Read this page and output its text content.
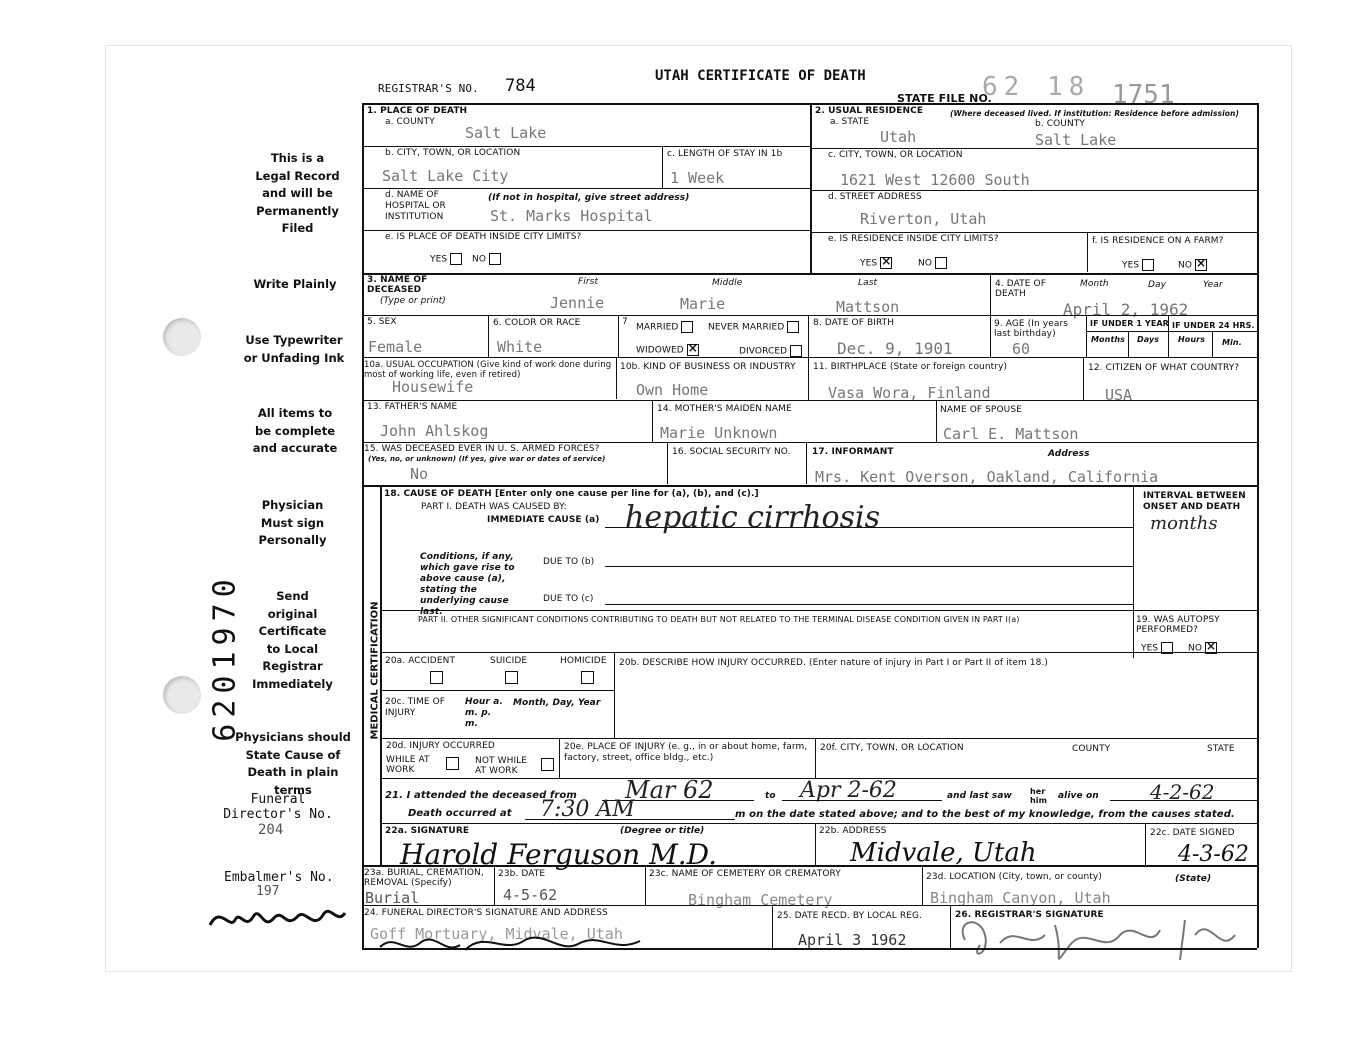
This is a Legal Record and will be Permanently Filed
Write Plainly
Use Typewriter or Unfading Ink
All items to be complete and accurate
Physician Must sign Personally
Send original Certificate to Local Registrar Immediately
Physicians should State Cause of Death in plain terms
6201970
Funeral Director's No.
204
Embalmer's No.
197
REGISTRAR'S NO. 784	UTAH CERTIFICATE OF DEATH
STATE FILE NO.
62 18 1751
1. PLACE OF DEATH
a. COUNTY
Salt Lake
b. CITY, TOWN, OR LOCATION	c. LENGTH OF STAY IN 1b
Salt Lake City	1 Week
d. NAME OF HOSPITAL OR INSTITUTION
(If not in hospital, give street address)
St. Marks Hospital
e. IS PLACE OF DEATH INSIDE CITY LIMITS?
YES	NO
2. USUAL RESIDENCE	(Where deceased lived. If institution: Residence before admission)
a. STATE	b. COUNTY
Utah	Salt Lake
c. CITY, TOWN, OR LOCATION
1621 West 12600 South
d. STREET ADDRESS
Riverton, Utah
e. IS RESIDENCE INSIDE CITY LIMITS?	f. IS RESIDENCE ON A FARM?
YES ×	NO	YES	NO×
3. NAME OF DECEASED
(Type or print)
First	Middle	Last
Jennie	Marie	Mattson
4. DATE OF DEATH
Month	Day	Year
April 2, 1962
5. SEX
Female
6. COLOR OR RACE
White
7
MARRIED	NEVER MARRIED
WIDOWED ×	DIVORCED
8. DATE OF BIRTH
Dec. 9, 1901
9. AGE (In years last birthday)
60
IF UNDER 1 YEAR IF UNDER 24 HRS.
Months Days Hours Min.
10a. USUAL OCCUPATION (Give kind of work done during most of working life, even if retired)
Housewife
10b. KIND OF BUSINESS OR INDUSTRY
Own Home
11. BIRTHPLACE (State or foreign country)
Vasa Wora, Finland
12. CITIZEN OF WHAT COUNTRY?
USA
13. FATHER'S NAME
John Ahlskog
14. MOTHER'S MAIDEN NAME
Marie Unknown
NAME OF SPOUSE
Carl E. Mattson
15. WAS DECEASED EVER IN U. S. ARMED FORCES?
(Yes, no, or unknown) (If yes, give war or dates of service)
No
16. SOCIAL SECURITY NO. 17. INFORMANT	Address
Mrs. Kent Overson, Oakland, California
MEDICAL CERTIFICATION
18. CAUSE OF DEATH [Enter only one cause per line for (a), (b), and (c).]	INTERVAL BETWEEN ONSET AND DEATH
months
PART I. DEATH WAS CAUSED BY:
IMMEDIATE CAUSE (a) hepatic cirrhosis
Conditions, if any, which gave rise to above cause (a), stating the underlying cause last.
DUE TO (b)
DUE TO (c)
PART II. OTHER SIGNIFICANT CONDITIONS CONTRIBUTING TO DEATH BUT NOT RELATED TO THE TERMINAL DISEASE CONDITION GIVEN IN PART I(a)	19. WAS AUTOPSY PERFORMED?
YES	NO×
20a. ACCIDENT	SUICIDE	HOMICIDE 20b. DESCRIBE HOW INJURY OCCURRED. (Enter nature of injury in Part I or Part II of item 18.)
20c. TIME OF INJURY
Hour a. m. p. m.
Month, Day, Year
20d. INJURY OCCURRED
WHILE AT WORK
NOT WHILE AT WORK
20e. PLACE OF INJURY (e. g., in or about home, farm, factory, street, office bldg., etc.)
20f. CITY, TOWN, OR LOCATION	COUNTY	STATE
21. I attended the deceased from Mar 62	to Apr 2-62	and last saw her him	alive on	4-2-62
Death occurred at 7:30 AM	m on the date stated above; and to the best of my knowledge, from the causes stated.
22a. SIGNATURE	(Degree or title)
Harold Ferguson M.D.
22b. ADDRESS
Midvale, Utah
22c. DATE SIGNED
4-3-62
23a. BURIAL, CREMATION, REMOVAL (Specify)
Burial
23b. DATE
4-5-62
23c. NAME OF CEMETERY OR CREMATORY
Bingham Cemetery
23d. LOCATION (City, town, or county)	(State)
Bingham Canyon, Utah
24. FUNERAL DIRECTOR'S SIGNATURE AND ADDRESS
Goff Mortuary, Midvale, Utah
25. DATE RECD. BY LOCAL REG.
April 3 1962
26. REGISTRAR'S SIGNATURE
